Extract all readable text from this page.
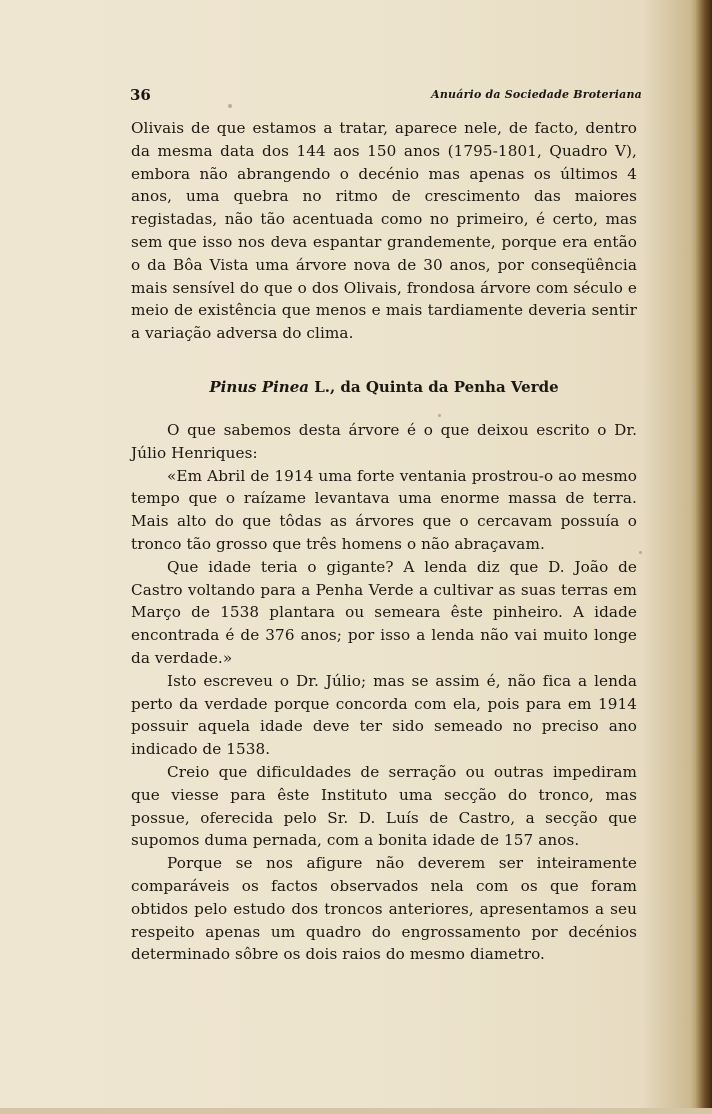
36	Anuário da Sociedade Broteriana

Olivais de que estamos a tratar, aparece nele, de facto, dentro da mesma data dos 144 aos 150 anos (1795-1801, Quadro V), embora não abrangendo o decénio mas apenas os últimos 4 anos, uma quebra no ritmo de crescimento das maiores registadas, não tão acentuada como no primeiro, é certo, mas sem que isso nos deva espantar grandemente, porque era então o da Bôa Vista uma árvore nova de 30 anos, por conseqüência mais sensível do que o dos Olivais, frondosa árvore com século e meio de existência que menos e mais tardiamente deveria sentir a variação adversa do clima.

Pinus Pinea L., da Quinta da Penha Verde

O que sabemos desta árvore é o que deixou escrito o Dr. Júlio Henriques:

«Em Abril de 1914 uma forte ventania prostrou-o ao mesmo tempo que o raízame levantava uma enorme massa de terra. Mais alto do que tôdas as árvores que o cercavam possuía o tronco tão grosso que três homens o não abraçavam.

Que idade teria o gigante? A lenda diz que D. João de Castro voltando para a Penha Verde a cultivar as suas terras em Março de 1538 plantara ou semeara êste pinheiro. A idade encontrada é de 376 anos; por isso a lenda não vai muito longe da verdade.»

Isto escreveu o Dr. Júlio; mas se assim é, não fica a lenda perto da verdade porque concorda com ela, pois para em 1914 possuir aquela idade deve ter sido semeado no preciso ano indicado de 1538.

Creio que dificuldades de serração ou outras impediram que viesse para êste Instituto uma secção do tronco, mas possue, oferecida pelo Sr. D. Luís de Castro, a secção que supomos duma pernada, com a bonita idade de 157 anos.

Porque se nos afigure não deverem ser inteiramente comparáveis os factos observados nela com os que foram obtidos pelo estudo dos troncos anteriores, apresentamos a seu respeito apenas um quadro do engrossamento por decénios determinado sôbre os dois raios do mesmo diametro.
